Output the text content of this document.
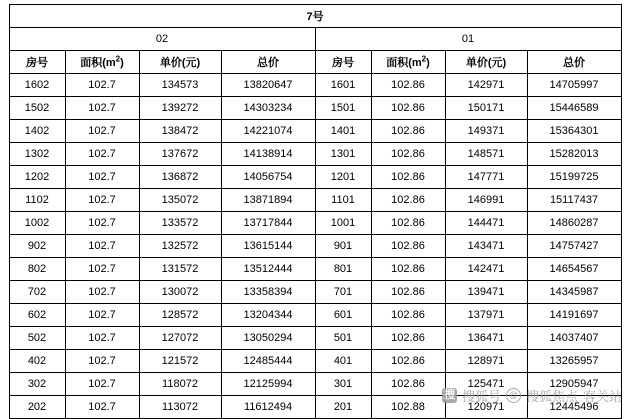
7号							
02				01			
房号	面积$(m^2)$	单价(元)	总价	房号	面积$(m^2)$	单价(元)	总价
1602	102.7	134573	13820647	1601	102.86	142971	14705997
1502	102.7	139272	14303234	1501	102.86	150171	15446589
1402	102.7	138472	14221074	1401	102.86	149371	15364301
1302	102.7	137672	14138914	1301	102.86	148571	15282013
1202	102.7	136872	14056754	1201	102.86	147771	15199725
1102	102.7	135072	13871894	1101	102.86	146991	15117437
1002	102.7	133572	13717844	1001	102.86	144471	14860287
902	102.7	132572	13615144	901	102.86	143471	14757427
802	102.7	131572	13512444	801	102.86	142471	14654567
702	102.7	130072	13358394	701	102.86	139471	14345987
602	102.7	128572	13204344	601	102.86	137971	14191697
502	102.7	127072	13050294	501	102.86	136471	14037407
402	102.7	121572	12485444	401	102.86	128971	13265957
302	102.7	118072	12125994	301	102.86	125471	12905947
202	102.7	113072	11612494	201	102.88	120971	12445496
搜 搜狐号 @ 搜狐焦点 客关站
